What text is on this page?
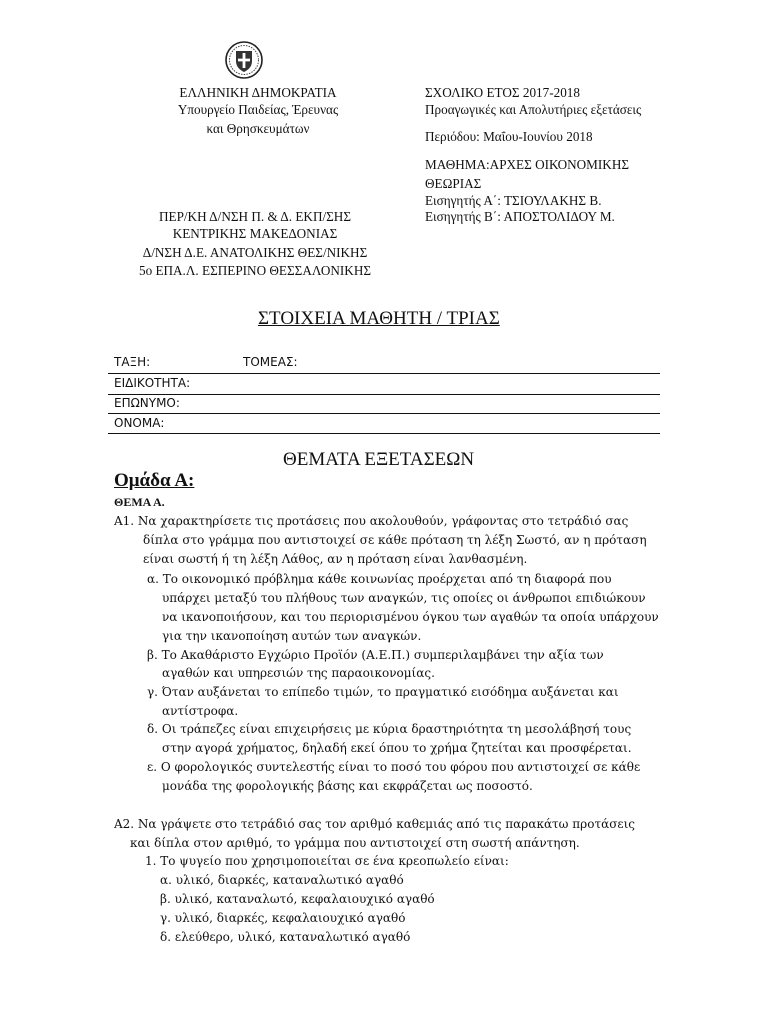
ΕΛΛΗΝΙΚΗ ΔΗΜΟΚΡΑΤΙΑ
Υπουργείο Παιδείας, Έρευνας
και Θρησκευμάτων
ΠΕΡ/ΚΗ Δ/ΝΣΗ Π. & Δ. ΕΚΠ/ΣΗΣ
ΚΕΝΤΡΙΚΗΣ ΜΑΚΕΔΟΝΙΑΣ
Δ/ΝΣΗ Δ.Ε. ΑΝΑΤΟΛΙΚΗΣ ΘΕΣ/ΝΙΚΗΣ
5ο ΕΠΑ.Λ. ΕΣΠΕΡΙΝΟ ΘΕΣΣΑΛΟΝΙΚΗΣ
ΣΧΟΛΙΚΟ ΕΤΟΣ 2017-2018
Προαγωγικές και Απολυτήριες εξετάσεις
Περιόδου: Μαΐου-Ιουνίου 2018
ΜΑΘΗΜΑ:ΑΡΧΕΣ ΟΙΚΟΝΟΜΙΚΗΣ
ΘΕΩΡΙΑΣ
Εισηγητής Α΄: ΤΣΙΟΥΛΑΚΗΣ Β.
Εισηγητής Β΄: ΑΠΟΣΤΟΛΙΔΟΥ Μ.
ΣΤΟΙΧΕΙΑ ΜΑΘΗΤΗ / ΤΡΙΑΣ
ΤΑΞΗ:	ΤΟΜΕΑΣ:
ΕΙΔΙΚΟΤΗΤΑ:
ΕΠΩΝΥΜΟ:
ΟΝΟΜΑ:
ΘΕΜΑΤΑ ΕΞΕΤΑΣΕΩΝ
Ομάδα Α:
ΘΕΜΑ Α.
Α1. Να χαρακτηρίσετε τις προτάσεις που ακολουθούν, γράφοντας στο τετράδιό σας
δίπλα στο γράμμα που αντιστοιχεί σε κάθε πρόταση τη λέξη Σωστό, αν η πρόταση
είναι σωστή ή τη λέξη Λάθος, αν η πρόταση είναι λανθασμένη.
α. Το οικονομικό πρόβλημα κάθε κοινωνίας προέρχεται από τη διαφορά που
υπάρχει μεταξύ του πλήθους των αναγκών, τις οποίες οι άνθρωποι επιδιώκουν
να ικανοποιήσουν, και του περιορισμένου όγκου των αγαθών τα οποία υπάρχουν
για την ικανοποίηση αυτών των αναγκών.
β. Το Ακαθάριστο Εγχώριο Προϊόν (Α.Ε.Π.) συμπεριλαμβάνει την αξία των
αγαθών και υπηρεσιών της παραοικονομίας.
γ. Όταν αυξάνεται το επίπεδο τιμών, το πραγματικό εισόδημα αυξάνεται και
αντίστροφα.
δ. Οι τράπεζες είναι επιχειρήσεις με κύρια δραστηριότητα τη μεσολάβησή τους
στην αγορά χρήματος, δηλαδή εκεί όπου το χρήμα ζητείται και προσφέρεται.
ε. Ο φορολογικός συντελεστής είναι το ποσό του φόρου που αντιστοιχεί σε κάθε
μονάδα της φορολογικής βάσης και εκφράζεται ως ποσοστό.
Α2. Να γράψετε στο τετράδιό σας τον αριθμό καθεμιάς από τις παρακάτω προτάσεις
και δίπλα στον αριθμό, το γράμμα που αντιστοιχεί στη σωστή απάντηση.
1. Το ψυγείο που χρησιμοποιείται σε ένα κρεοπωλείο είναι:
α. υλικό, διαρκές, καταναλωτικό αγαθό
β. υλικό, καταναλωτό, κεφαλαιουχικό αγαθό
γ. υλικό, διαρκές, κεφαλαιουχικό αγαθό
δ. ελεύθερο, υλικό, καταναλωτικό αγαθό
